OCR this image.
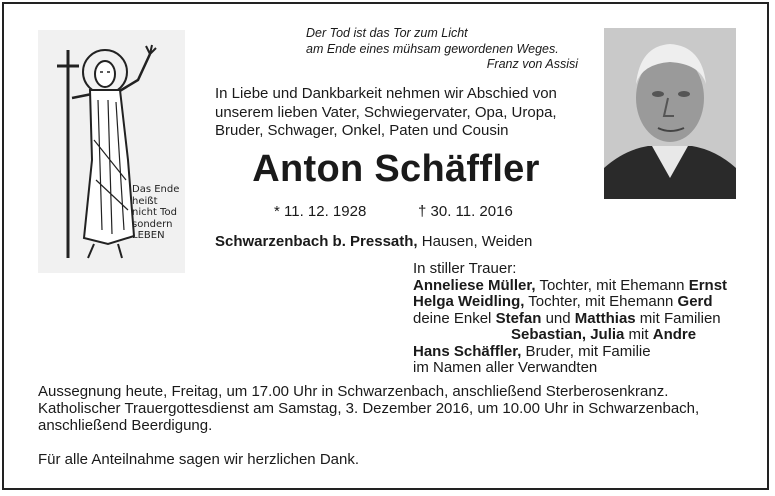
Das Ende
heißt
nicht Tod
sondern
LEBEN
Der Tod ist das Tor zum Licht
am Ende eines mühsam gewordenen Weges.
Franz von Assisi
In Liebe und Dankbarkeit nehmen wir Abschied von
unserem lieben Vater, Schwiegervater, Opa, Uropa,
Bruder, Schwager, Onkel, Paten und Cousin
Anton Schäffler
* 11. 12. 1928	† 30. 11. 2016
Schwarzenbach b. Pressath, Hausen, Weiden
In stiller Trauer:
Anneliese Müller, Tochter, mit Ehemann Ernst
Helga Weidling, Tochter, mit Ehemann Gerd
deine Enkel Stefan und Matthias mit Familien
Sebastian, Julia mit Andre
Hans Schäffler, Bruder, mit Familie
im Namen aller Verwandten
Aussegnung heute, Freitag, um 17.00 Uhr in Schwarzenbach, anschließend Sterberosenkranz.
Katholischer Trauergottesdienst am Samstag, 3. Dezember 2016, um 10.00 Uhr in Schwarzenbach,
anschließend Beerdigung.
Für alle Anteilnahme sagen wir herzlichen Dank.
